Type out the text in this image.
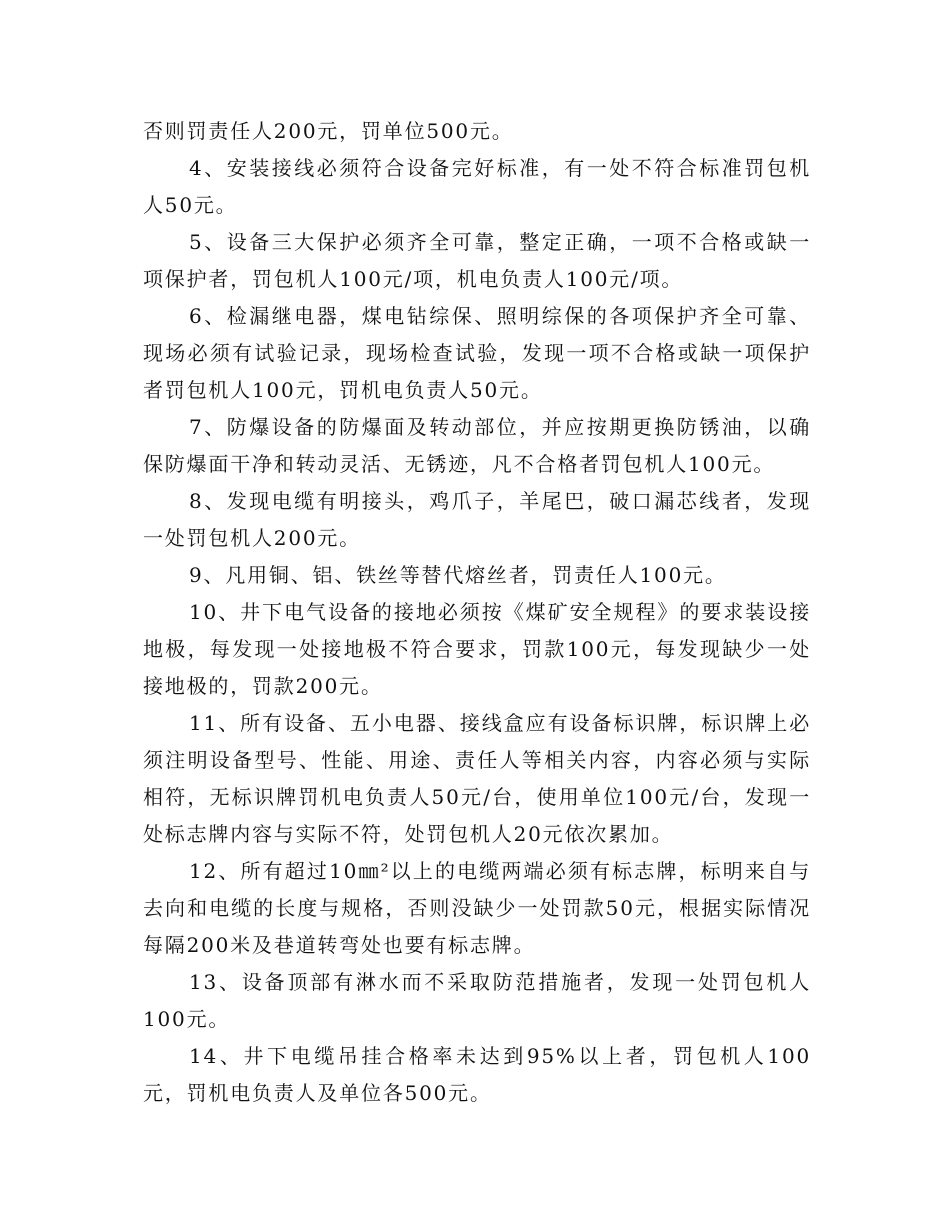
否则罚责任人200元，罚单位500元。

4、安装接线必须符合设备完好标准，有一处不符合标准罚包机人50元。

5、设备三大保护必须齐全可靠，整定正确，一项不合格或缺一项保护者，罚包机人100元/项，机电负责人100元/项。

6、检漏继电器，煤电钻综保、照明综保的各项保护齐全可靠、现场必须有试验记录，现场检查试验，发现一项不合格或缺一项保护者罚包机人100元，罚机电负责人50元。

7、防爆设备的防爆面及转动部位，并应按期更换防锈油，以确保防爆面干净和转动灵活、无锈迹，凡不合格者罚包机人100元。

8、发现电缆有明接头，鸡爪子，羊尾巴，破口漏芯线者，发现一处罚包机人200元。

9、凡用铜、铝、铁丝等替代熔丝者，罚责任人100元。

10、井下电气设备的接地必须按《煤矿安全规程》的要求装设接地极，每发现一处接地极不符合要求，罚款100元，每发现缺少一处接地极的，罚款200元。

11、所有设备、五小电器、接线盒应有设备标识牌，标识牌上必须注明设备型号、性能、用途、责任人等相关内容，内容必须与实际相符，无标识牌罚机电负责人50元/台，使用单位100元/台，发现一处标志牌内容与实际不符，处罚包机人20元依次累加。

12、所有超过10㎜²以上的电缆两端必须有标志牌，标明来自与去向和电缆的长度与规格，否则没缺少一处罚款50元，根据实际情况每隔200米及巷道转弯处也要有标志牌。

13、设备顶部有淋水而不采取防范措施者，发现一处罚包机人100元。

14、井下电缆吊挂合格率未达到95%以上者，罚包机人100元，罚机电负责人及单位各500元。
